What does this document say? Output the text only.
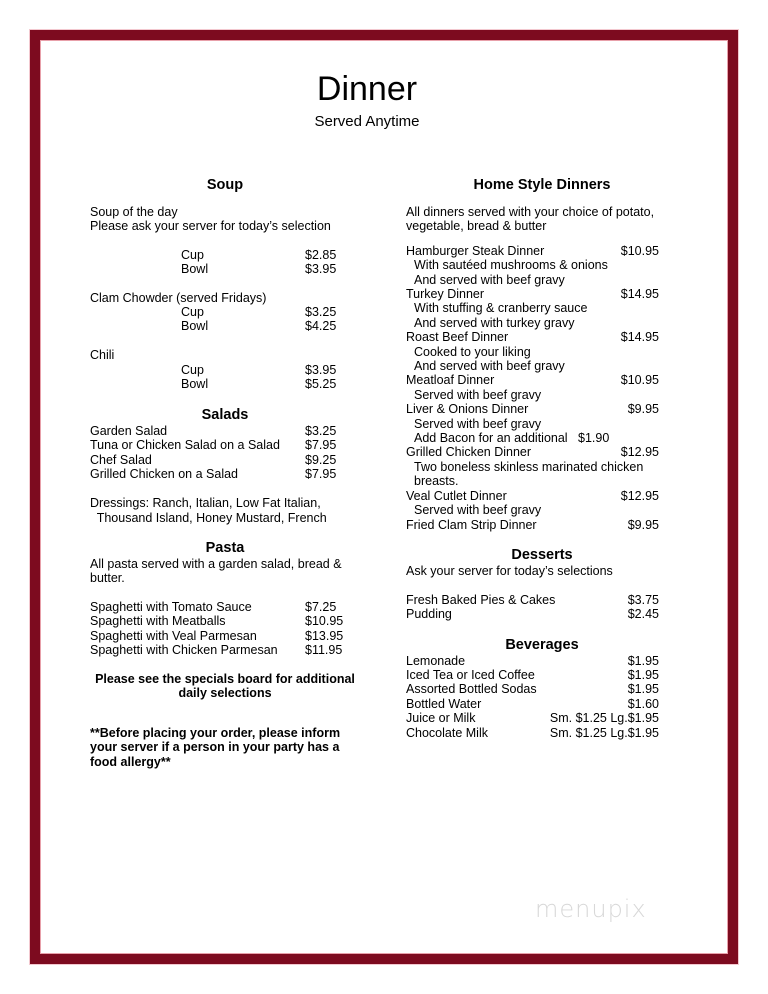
Dinner
Served Anytime
Soup
Soup of the day
Please ask your server for today’s selection
Cup	$2.85
Bowl	$3.95
Clam Chowder (served Fridays)
Cup	$3.25
Bowl	$4.25
Chili
Cup	$3.95
Bowl	$5.25
Salads
Garden Salad	$3.25
Tuna or Chicken Salad on a Salad $7.95
Chef Salad	$9.25
Grilled Chicken on a Salad	$7.95
Dressings: Ranch, Italian, Low Fat Italian,
Thousand Island, Honey Mustard, French
Pasta
All pasta served with a garden salad, bread &
butter.
Spaghetti with Tomato Sauce	$7.25
Spaghetti with Meatballs	$10.95
Spaghetti with Veal Parmesan	$13.95
Spaghetti with Chicken Parmesan $11.95
Please see the specials board for additional
daily selections
**Before placing your order, please inform
your server if a person in your party has a
food allergy**
Home Style Dinners
All dinners served with your choice of potato,
vegetable, bread & butter
Hamburger Steak Dinner	$10.95
With sautéed mushrooms & onions
And served with beef gravy
Turkey Dinner	$14.95
With stuffing & cranberry sauce
And served with turkey gravy
Roast Beef Dinner	$14.95
Cooked to your liking
And served with beef gravy
Meatloaf Dinner	$10.95
Served with beef gravy
Liver & Onions Dinner	$9.95
Served with beef gravy
Add Bacon for an additional   $1.90
Grilled Chicken Dinner	$12.95
Two boneless skinless marinated chicken
breasts.
Veal Cutlet Dinner	$12.95
Served with beef gravy
Fried Clam Strip Dinner	$9.95
Desserts
Ask your server for today’s selections
Fresh Baked Pies & Cakes	$3.75
Pudding	$2.45
Beverages
Lemonade	$1.95
Iced Tea or Iced Coffee	$1.95
Assorted Bottled Sodas	$1.95
Bottled Water	$1.60
Juice or Milk	Sm. $1.25 Lg.$1.95
Chocolate Milk	Sm. $1.25 Lg.$1.95
menupix
